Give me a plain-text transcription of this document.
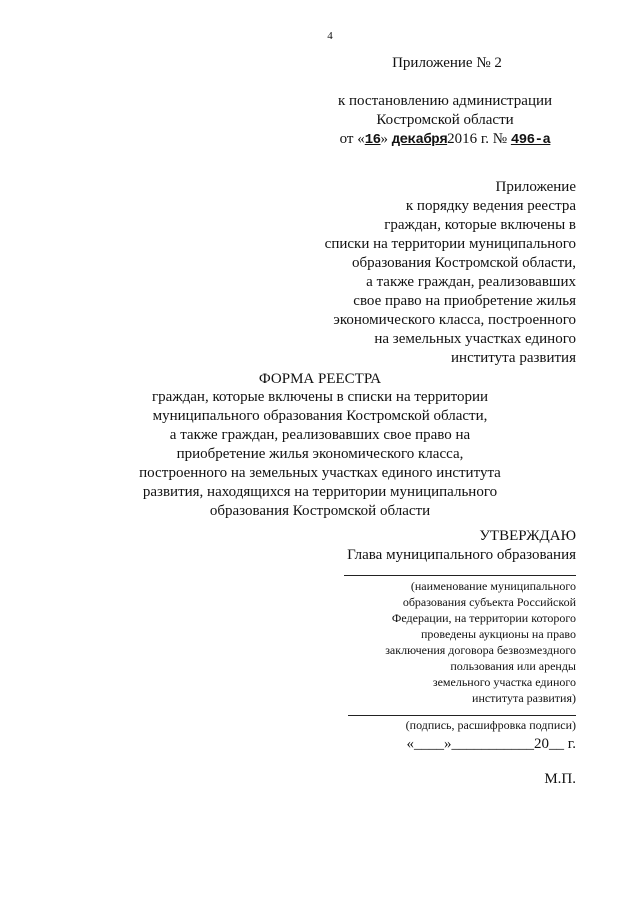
4
Приложение № 2
к постановлению администрации
Костромской области
от «16» декабря2016 г. № 496-а
Приложение
к порядку ведения реестра
граждан, которые включены в
списки на территории муниципального
образования Костромской области,
а также граждан, реализовавших
свое право на приобретение жилья
экономического класса, построенного
на земельных участках единого
института развития
ФОРМА РЕЕСТРА
граждан, которые включены в списки на территории
муниципального образования Костромской области,
а также граждан, реализовавших свое право на
приобретение жилья экономического класса,
построенного на земельных участках единого института
развития, находящихся на территории муниципального
образования Костромской области
УТВЕРЖДАЮ
Глава муниципального образования
(наименование муниципального
образования субъекта Российской
Федерации, на территории которого
проведены аукционы на право
заключения договора безвозмездного
пользования или аренды
земельного участка единого
института развития)
(подпись, расшифровка подписи)
«____»___________20__ г.
М.П.
